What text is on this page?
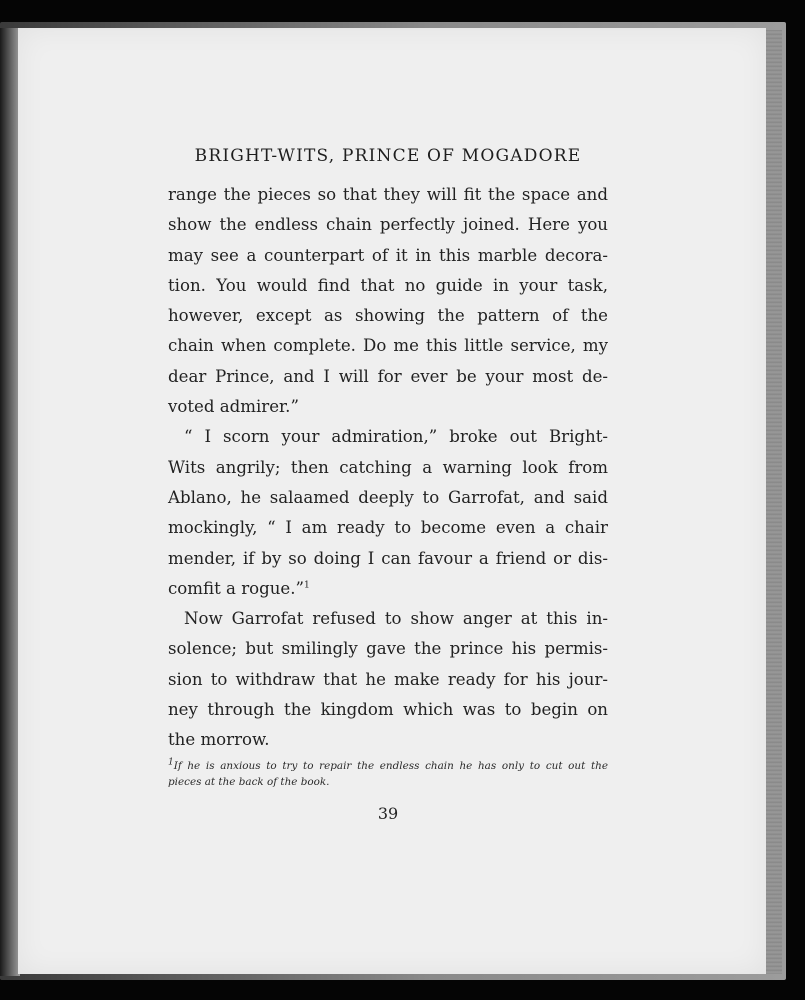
BRIGHT-WITS, PRINCE OF MOGADORE
range the pieces so that they will fit the space and
show the endless chain perfectly joined. Here you
may see a counterpart of it in this marble decora-
tion. You would find that no guide in your task,
however, except as showing the pattern of the
chain when complete. Do me this little service, my
dear Prince, and I will for ever be your most de-
voted admirer.”
“ I scorn your admiration,” broke out Bright-
Wits angrily; then catching a warning look from
Ablano, he salaamed deeply to Garrofat, and said
mockingly, “ I am ready to become even a chair
mender, if by so doing I can favour a friend or dis-
comfit a rogue.”$^1$
Now Garrofat refused to show anger at this in-
solence; but smilingly gave the prince his permis-
sion to withdraw that he make ready for his jour-
ney through the kingdom which was to begin on
the morrow.
$^1$If he is anxious to try to repair the endless chain he has only to cut out the
pieces at the back of the book.
39
